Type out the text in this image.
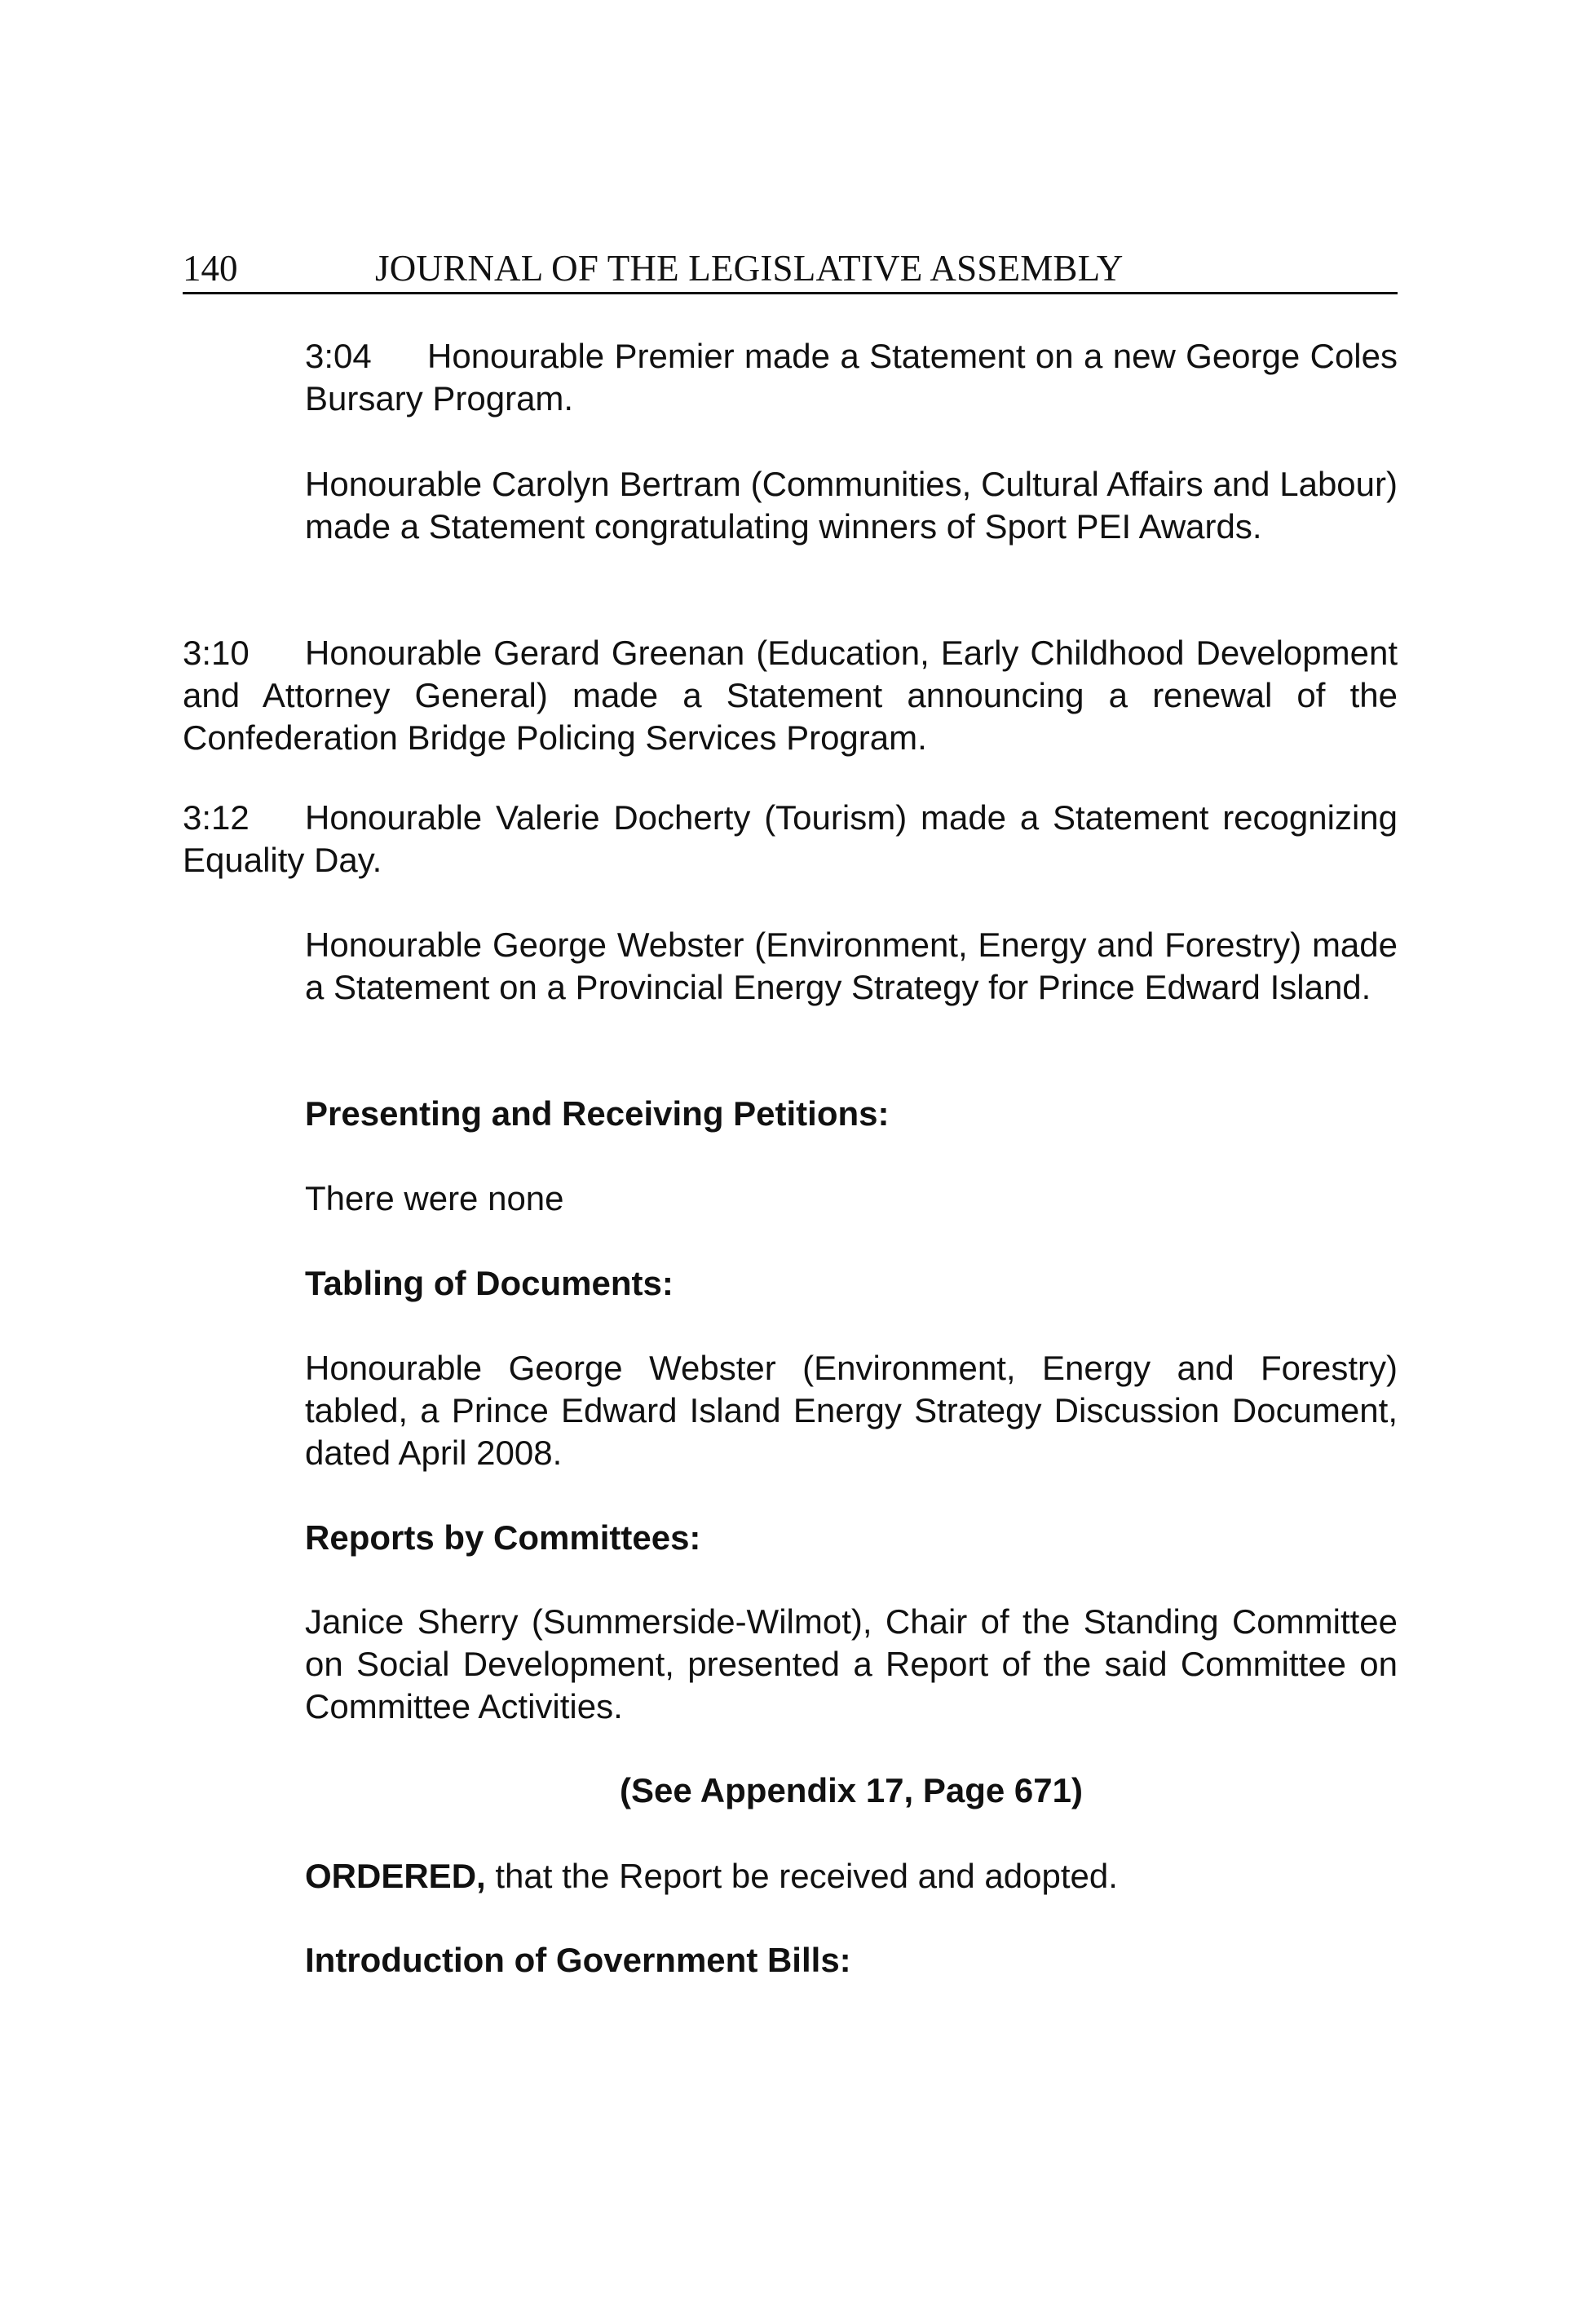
140	JOURNAL OF THE LEGISLATIVE ASSEMBLY

3:04 Honourable Premier made a Statement on a new George Coles Bursary Program.

Honourable Carolyn Bertram (Communities, Cultural Affairs and Labour) made a Statement congratulating winners of Sport PEI Awards.

3:10 Honourable Gerard Greenan (Education, Early Childhood Development and Attorney General) made a Statement announcing a renewal of the Confederation Bridge Policing Services Program.

3:12 Honourable Valerie Docherty (Tourism) made a Statement recognizing Equality Day.

Honourable George Webster (Environment, Energy and Forestry) made a Statement on a Provincial Energy Strategy for Prince Edward Island.

Presenting and Receiving Petitions:

There were none

Tabling of Documents:

Honourable George Webster (Environment, Energy and Forestry) tabled, a Prince Edward Island Energy Strategy Discussion Document, dated April 2008.

Reports by Committees:

Janice Sherry (Summerside-Wilmot), Chair of the Standing Committee on Social Development, presented a Report of the said Committee on Committee Activities.

(See Appendix 17, Page 671)

ORDERED, that the Report be received and adopted.

Introduction of Government Bills:
